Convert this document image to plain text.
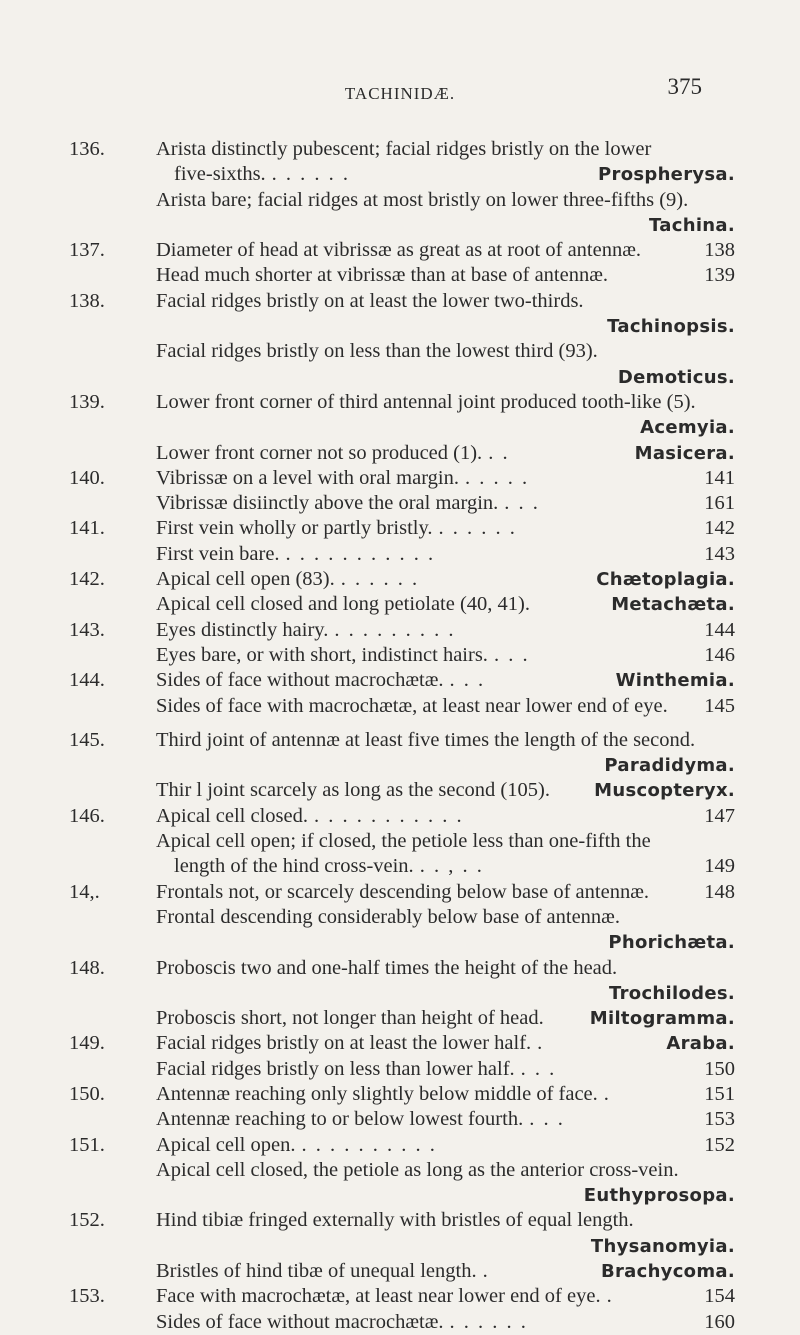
TACHINIDÆ.	375
136.	Arista distinctly pubescent; facial ridges bristly on the lower
five-sixths. . . . . . .	Prospherysa.
Arista bare; facial ridges at most bristly on lower three-fifths (9).
Tachina.
137.	Diameter of head at vibrissæ as great as at root of antennæ.	138
Head much shorter at vibrissæ than at base of antennæ.	139
138.	Facial ridges bristly on at least the lower two-thirds.
Tachinopsis.
Facial ridges bristly on less than the lowest third (93).
Demoticus.
139.	Lower front corner of third antennal joint produced tooth-like (5).
Acemyia.
Lower front corner not so produced (1). . .	Masicera.
140.	Vibrissæ on a level with oral margin. . . . . .	141
Vibrissæ disiinctly above the oral margin. . . .	161
141.	First vein wholly or partly bristly. . . . . . .	142
First vein bare. . . . . . . . . . . .	143
142.	Apical cell open (83). . . . . . .	Chætoplagia.
Apical cell closed and long petiolate (40, 41).	Metachæta.
143.	Eyes distinctly hairy. . . . . . . . . .	144
Eyes bare, or with short, indistinct hairs. . . .	146
144.	Sides of face without macrochætæ. . . .	Winthemia.
Sides of face with macrochætæ, at least near lower end of eye. 145
145.	Third joint of antennæ at least five times the length of the second.
Paradidyma.
Thir l joint scarcely as long as the second (105). Muscopteryx.
146.	Apical cell closed. . . . . . . . . . . .	147
Apical cell open; if closed, the petiole less than one-fifth the
length of the hind cross-vein. . . , . .	149
14,.	Frontals not, or scarcely descending below base of antennæ.	148
Frontal descending considerably below base of antennæ.
Phorichæta.
148.	Proboscis two and one-half times the height of the head.
Trochilodes.
Proboscis short, not longer than height of head.	Miltogramma.
149.	Facial ridges bristly on at least the lower half. .	Araba.
Facial ridges bristly on less than lower half. . . .	150
150.	Antennæ reaching only slightly below middle of face. .	151
Antennæ reaching to or below lowest fourth. . . .	153
151.	Apical cell open. . . . . . . . . . .	152
Apical cell closed, the petiole as long as the anterior cross-vein.
Euthyprosopa.
152.	Hind tibiæ fringed externally with bristles of equal length.
Thysanomyia.
Bristles of hind tibæ of unequal length. .	Brachycoma.
153.	Face with macrochætæ, at least near lower end of eye. .	154
Sides of face without macrochætæ. . . . . . .	160
